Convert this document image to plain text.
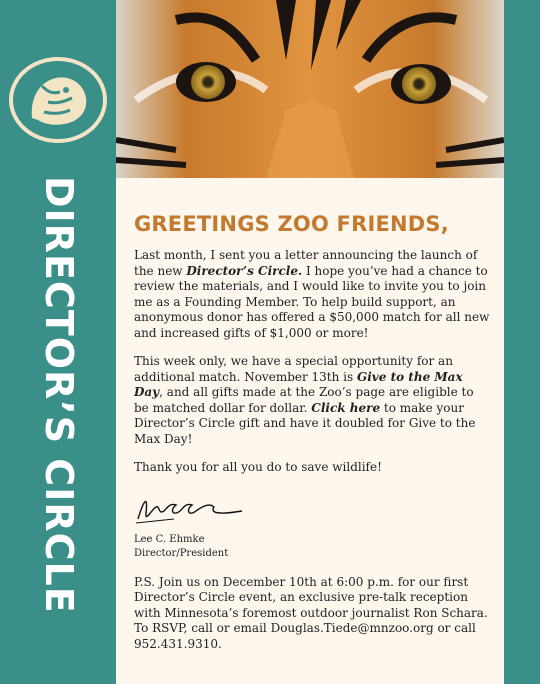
DIRECTOR’S CIRCLE	GREETINGS ZOO FRIENDS,

Last month, I sent you a letter announcing the launch of the new Director’s Circle. I hope you’ve had a chance to review the materials, and I would like to invite you to join me as a Founding Member. To help build support, an anonymous donor has offered a $50,000 match for all new and increased gifts of $1,000 or more!

This week only, we have a special opportunity for an additional match. November 13th is Give to the Max Day, and all gifts made at the Zoo’s page are eligible to be matched dollar for dollar. Click here to make your Director’s Circle gift and have it doubled for Give to the Max Day!

Thank you for all you do to save wildlife!

Lee C. Ehmke
Director/President

P.S. Join us on December 10th at 6:00 p.m. for our first Director’s Circle event, an exclusive pre-talk reception with Minnesota’s foremost outdoor journalist Ron Schara. To RSVP, call or email Douglas.Tiede@mnzoo.org or call 952.431.9310.
